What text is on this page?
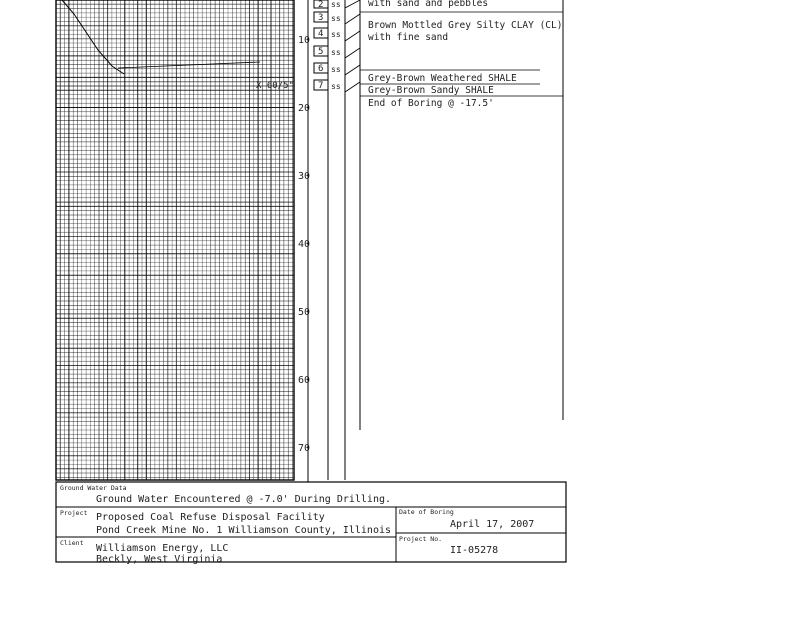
X 60/5"
10
20
30
40
50
60
70
2 ss
3 ss
4 ss
5 ss
6 ss
7 ss
with sand and pebbles
Brown Mottled Grey Silty CLAY (CL)
with fine sand
Grey-Brown Weathered SHALE
Grey-Brown Sandy SHALE
End of Boring @ -17.5'
Ground Water Data
Ground Water Encountered @ -7.0' During Drilling.
Project Proposed Coal Refuse Disposal Facility
Pond Creek Mine No. 1 Williamson County, Illinois
Client Williamson Energy, LLC
Beckly, West Virginia
Date of Boring
April 17, 2007
Project No.
II-05278
